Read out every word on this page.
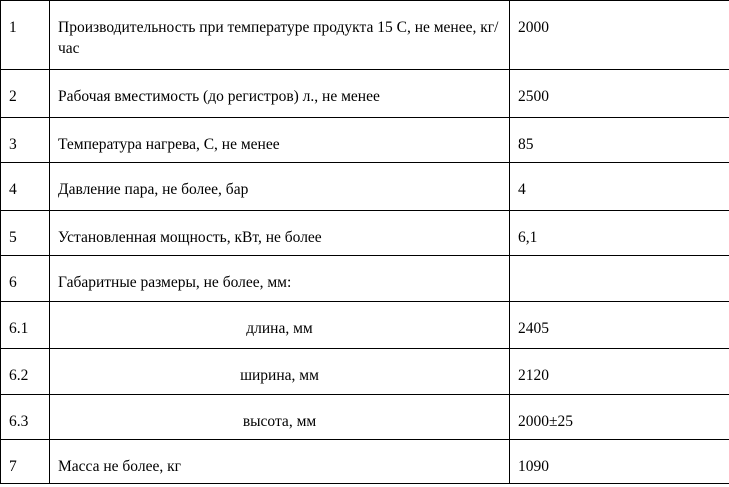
1	Производительность при температуре продукта 15 С, не менее, кг/час	2000
2	Рабочая вместимость (до регистров) л., не менее	2500
3	Температура нагрева, С, не менее	85
4	Давление пара, не более, бар	4
5	Установленная мощность, кВт, не более	6,1
6	Габаритные размеры, не более, мм:	
6.1	длина, мм	2405
6.2	ширина, мм	2120
6.3	высота, мм	2000±25
7	Масса не более, кг	1090
